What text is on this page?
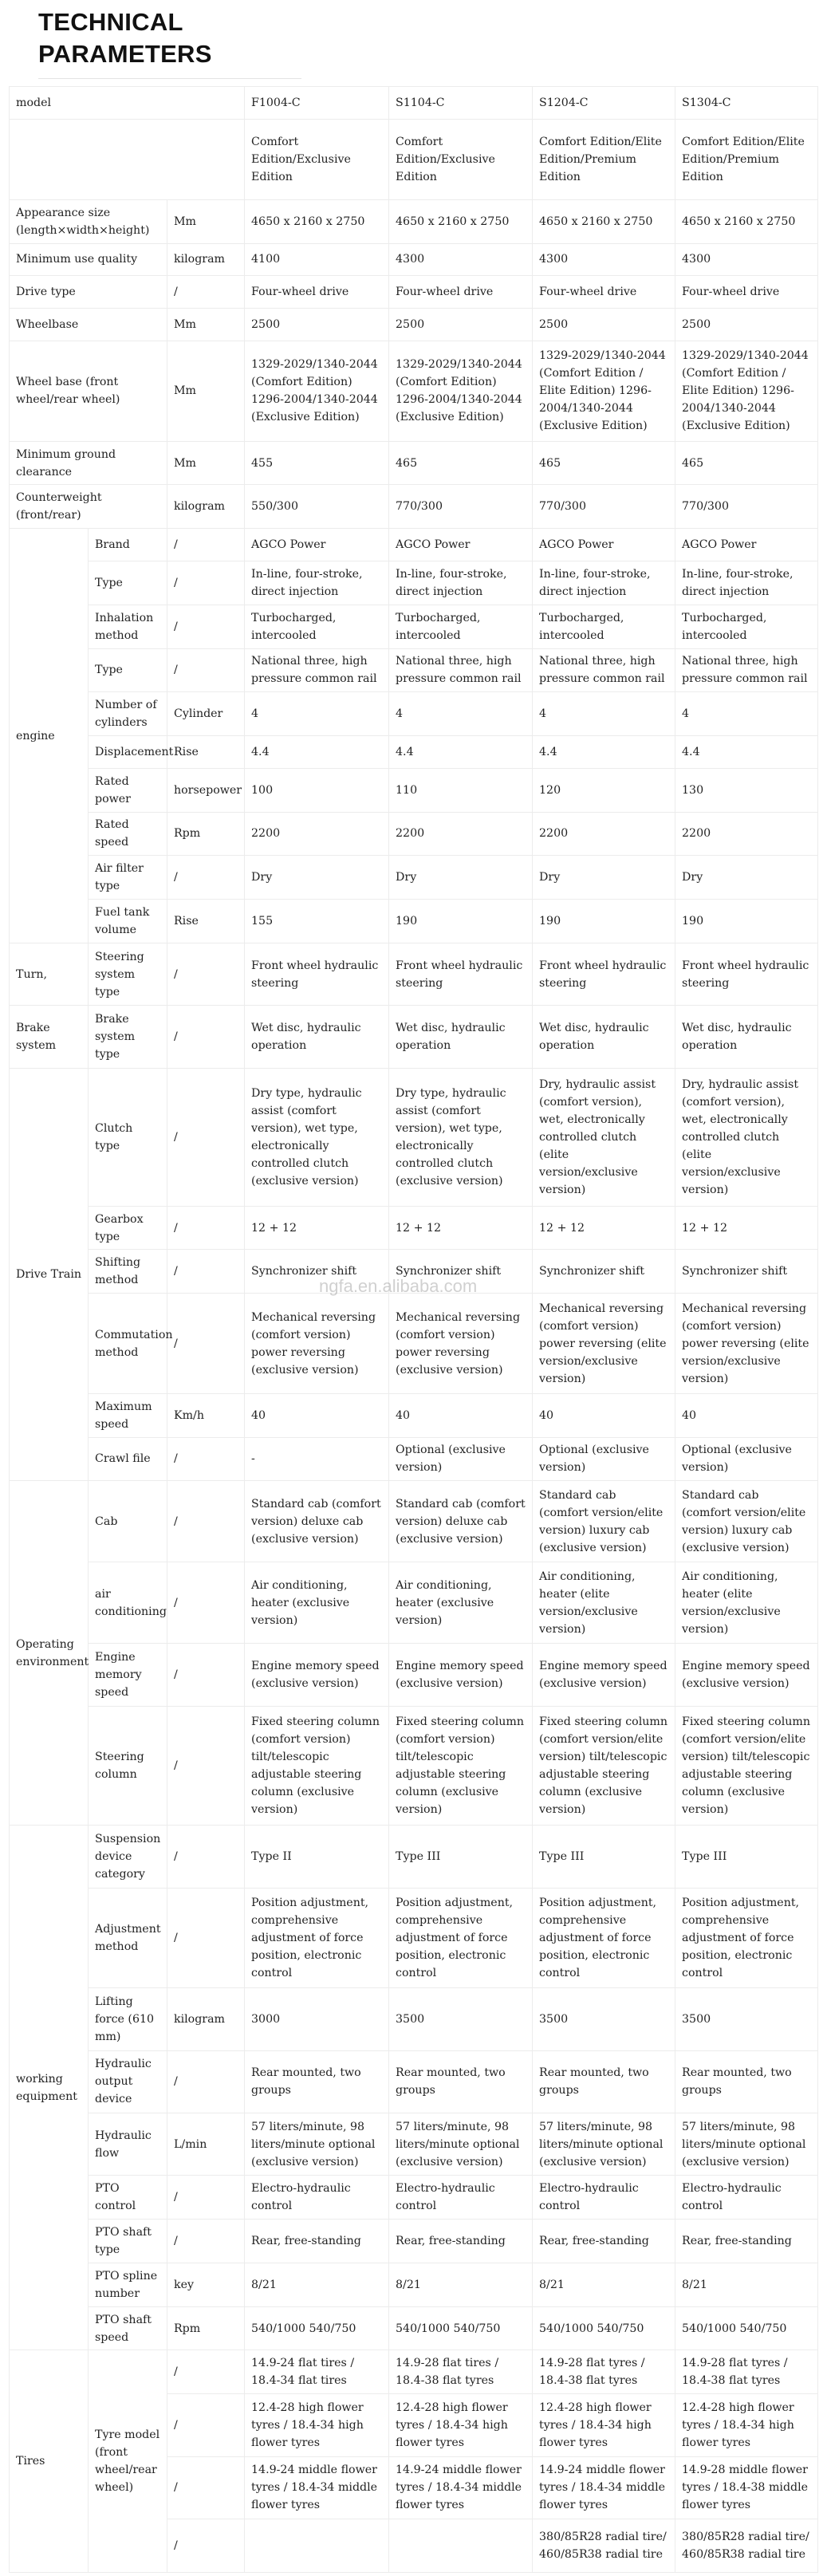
TECHNICAL PARAMETERS
model			F1004-C	S1104-C	S1204-C	S1304-C
			Comfort Edition/Exclusive Edition	Comfort Edition/Exclusive Edition	Comfort Edition/Elite Edition/Premium Edition	Comfort Edition/Elite Edition/Premium Edition
Appearance size (length×width×height)		Mm	4650 x 2160 x 2750	4650 x 2160 x 2750	4650 x 2160 x 2750	4650 x 2160 x 2750
Minimum use quality		kilogram	4100	4300	4300	4300
Drive type		/	Four-wheel drive	Four-wheel drive	Four-wheel drive	Four-wheel drive
Wheelbase		Mm	2500	2500	2500	2500
Wheel base (front wheel/rear wheel)		Mm	1329-2029/1340-2044 (Comfort Edition) 1296-2004/1340-2044 (Exclusive Edition)	1329-2029/1340-2044 (Comfort Edition) 1296-2004/1340-2044 (Exclusive Edition)	1329-2029/1340-2044 (Comfort Edition / Elite Edition) 1296-2004/1340-2044 (Exclusive Edition)	1329-2029/1340-2044 (Comfort Edition / Elite Edition) 1296-2004/1340-2044 (Exclusive Edition)
Minimum ground clearance		Mm	455	465	465	465
Counterweight (front/rear)		kilogram	550/300	770/300	770/300	770/300
engine	Brand	/	AGCO Power	AGCO Power	AGCO Power	AGCO Power
	Type	/	In-line, four-stroke, direct injection	In-line, four-stroke, direct injection	In-line, four-stroke, direct injection	In-line, four-stroke, direct injection
	Inhalation method	/	Turbocharged, intercooled	Turbocharged, intercooled	Turbocharged, intercooled	Turbocharged, intercooled
	Type	/	National three, high pressure common rail	National three, high pressure common rail	National three, high pressure common rail	National three, high pressure common rail
	Number of cylinders	Cylinder	4	4	4	4
	Displacement	Rise	4.4	4.4	4.4	4.4
	Rated power	horsepower	100	110	120	130
	Rated speed	Rpm	2200	2200	2200	2200
	Air filter type	/	Dry	Dry	Dry	Dry
	Fuel tank volume	Rise	155	190	190	190
Turn,	Steering system type	/	Front wheel hydraulic steering	Front wheel hydraulic steering	Front wheel hydraulic steering	Front wheel hydraulic steering
Brake system	Brake system type	/	Wet disc, hydraulic operation	Wet disc, hydraulic operation	Wet disc, hydraulic operation	Wet disc, hydraulic operation
Drive Train	Clutch type	/	Dry type, hydraulic assist (comfort version), wet type, electronically controlled clutch (exclusive version)	Dry type, hydraulic assist (comfort version), wet type, electronically controlled clutch (exclusive version)	Dry, hydraulic assist (comfort version), wet, electronically controlled clutch (elite version/exclusive version)	Dry, hydraulic assist (comfort version), wet, electronically controlled clutch (elite version/exclusive version)
	Gearbox type	/	12 + 12	12 + 12	12 + 12	12 + 12
	Shifting method	/	Synchronizer shift	Synchronizer shift	Synchronizer shift	Synchronizer shift
	Commutation method	/	Mechanical reversing (comfort version) power reversing (exclusive version)	Mechanical reversing (comfort version) power reversing (exclusive version)	Mechanical reversing (comfort version) power reversing (elite version/exclusive version)	Mechanical reversing (comfort version) power reversing (elite version/exclusive version)
	Maximum speed	Km/h	40	40	40	40
	Crawl file	/	-	Optional (exclusive version)	Optional (exclusive version)	Optional (exclusive version)
Operating environment	Cab	/	Standard cab (comfort version) deluxe cab (exclusive version)	Standard cab (comfort version) deluxe cab (exclusive version)	Standard cab (comfort version/elite version) luxury cab (exclusive version)	Standard cab (comfort version/elite version) luxury cab (exclusive version)
	air conditioning	/	Air conditioning, heater (exclusive version)	Air conditioning, heater (exclusive version)	Air conditioning, heater (elite version/exclusive version)	Air conditioning, heater (elite version/exclusive version)
	Engine memory speed	/	Engine memory speed (exclusive version)	Engine memory speed (exclusive version)	Engine memory speed (exclusive version)	Engine memory speed (exclusive version)
	Steering column	/	Fixed steering column (comfort version) tilt/telescopic adjustable steering column (exclusive version)	Fixed steering column (comfort version) tilt/telescopic adjustable steering column (exclusive version)	Fixed steering column (comfort version/elite version) tilt/telescopic adjustable steering column (exclusive version)	Fixed steering column (comfort version/elite version) tilt/telescopic adjustable steering column (exclusive version)
working equipment	Suspension device category	/	Type II	Type III	Type III	Type III
	Adjustment method	/	Position adjustment, comprehensive adjustment of force position, electronic control	Position adjustment, comprehensive adjustment of force position, electronic control	Position adjustment, comprehensive adjustment of force position, electronic control	Position adjustment, comprehensive adjustment of force position, electronic control
	Lifting force (610 mm)	kilogram	3000	3500	3500	3500
	Hydraulic output device	/	Rear mounted, two groups	Rear mounted, two groups	Rear mounted, two groups	Rear mounted, two groups
	Hydraulic flow	L/min	57 liters/minute, 98 liters/minute optional (exclusive version)	57 liters/minute, 98 liters/minute optional (exclusive version)	57 liters/minute, 98 liters/minute optional (exclusive version)	57 liters/minute, 98 liters/minute optional (exclusive version)
	PTO control	/	Electro-hydraulic control	Electro-hydraulic control	Electro-hydraulic control	Electro-hydraulic control
	PTO shaft type	/	Rear, free-standing	Rear, free-standing	Rear, free-standing	Rear, free-standing
	PTO spline number	key	8/21	8/21	8/21	8/21
	PTO shaft speed	Rpm	540/1000 540/750	540/1000 540/750	540/1000 540/750	540/1000 540/750
Tires	Tyre model (front wheel/rear wheel)	/	14.9-24 flat tires / 18.4-34 flat tires	14.9-28 flat tires / 18.4-38 flat tyres	14.9-28 flat tyres / 18.4-38 flat tyres	14.9-28 flat tyres / 18.4-38 flat tyres
		/	12.4-28 high flower tyres / 18.4-34 high flower tyres	12.4-28 high flower tyres / 18.4-34 high flower tyres	12.4-28 high flower tyres / 18.4-34 high flower tyres	12.4-28 high flower tyres / 18.4-34 high flower tyres
		/	14.9-24 middle flower tyres / 18.4-34 middle flower tyres	14.9-24 middle flower tyres / 18.4-34 middle flower tyres	14.9-24 middle flower tyres / 18.4-34 middle flower tyres	14.9-28 middle flower tyres / 18.4-38 middle flower tyres
		/			380/85R28 radial tire/ 460/85R38 radial tire	380/85R28 radial tire/ 460/85R38 radial tire
ngfa.en.alibaba.com
